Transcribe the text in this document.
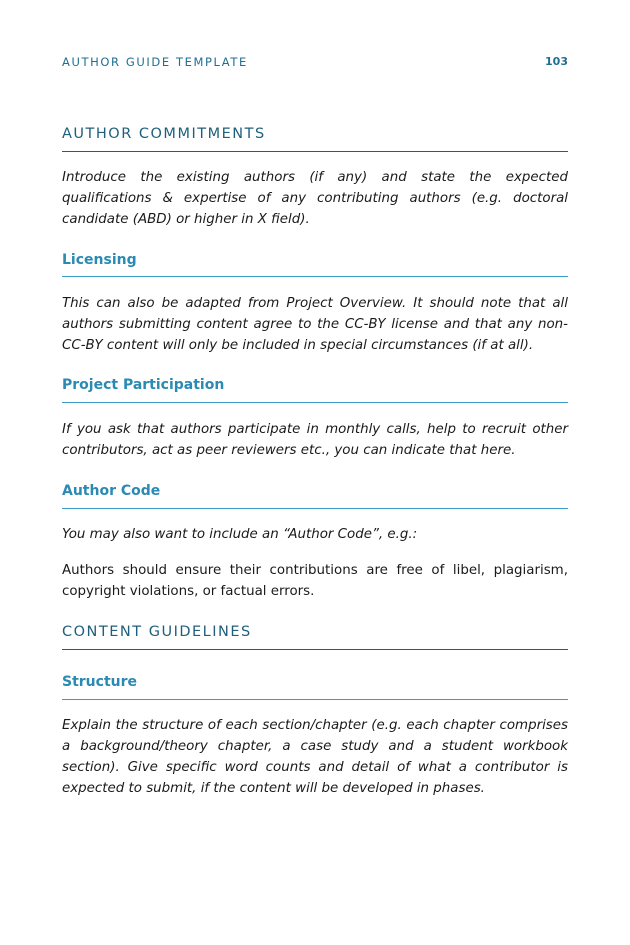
AUTHOR GUIDE TEMPLATE	103
AUTHOR COMMITMENTS

Introduce the existing authors (if any) and state the expected qualifications & expertise of any contributing authors (e.g. doctoral candidate (ABD) or higher in X field).

Licensing

This can also be adapted from Project Overview. It should note that all authors submitting content agree to the CC-BY license and that any non-CC-BY content will only be included in special circumstances (if at all).

Project Participation

If you ask that authors participate in monthly calls, help to recruit other contributors, act as peer reviewers etc., you can indicate that here.

Author Code

You may also want to include an “Author Code”, e.g.:

Authors should ensure their contributions are free of libel, plagiarism, copyright violations, or factual errors.

CONTENT GUIDELINES
Structure

Explain the structure of each section/chapter (e.g. each chapter comprises a background/theory chapter, a case study and a student workbook section). Give specific word counts and detail of what a contributor is expected to submit, if the content will be developed in phases.
